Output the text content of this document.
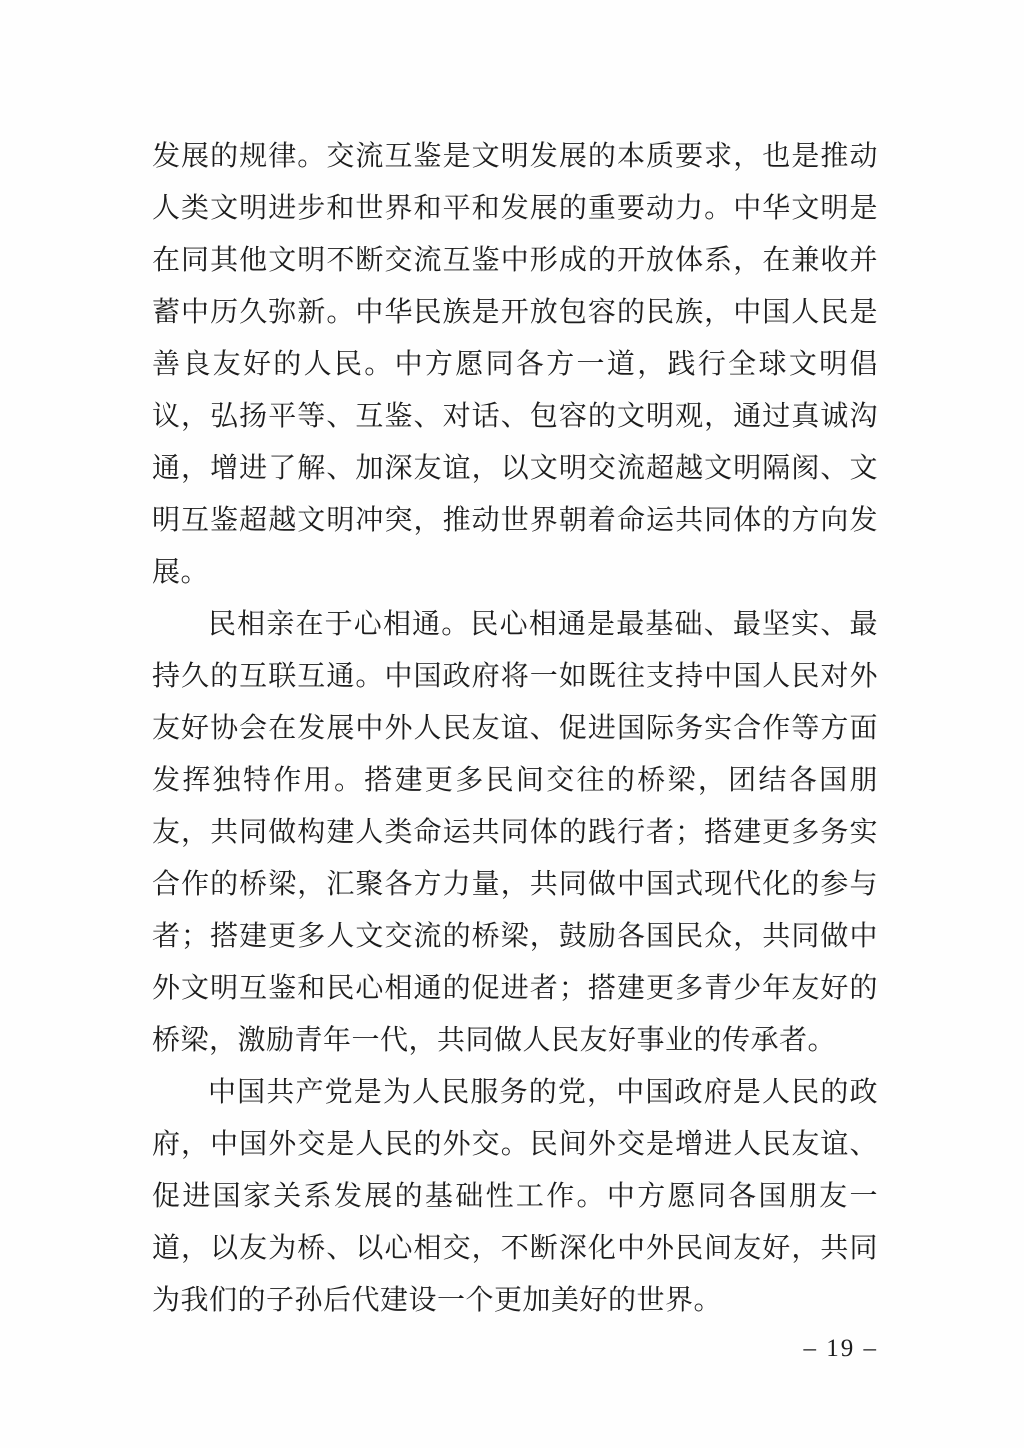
发展的规律。交流互鉴是文明发展的本质要求，也是推动人类文明进步和世界和平和发展的重要动力。中华文明是在同其他文明不断交流互鉴中形成的开放体系，在兼收并蓄中历久弥新。中华民族是开放包容的民族，中国人民是善良友好的人民。中方愿同各方一道，践行全球文明倡议，弘扬平等、互鉴、对话、包容的文明观，通过真诚沟通，增进了解、加深友谊，以文明交流超越文明隔阂、文明互鉴超越文明冲突，推动世界朝着命运共同体的方向发展。

民相亲在于心相通。民心相通是最基础、最坚实、最持久的互联互通。中国政府将一如既往支持中国人民对外友好协会在发展中外人民友谊、促进国际务实合作等方面发挥独特作用。搭建更多民间交往的桥梁，团结各国朋友，共同做构建人类命运共同体的践行者；搭建更多务实合作的桥梁，汇聚各方力量，共同做中国式现代化的参与者；搭建更多人文交流的桥梁，鼓励各国民众，共同做中外文明互鉴和民心相通的促进者；搭建更多青少年友好的桥梁，激励青年一代，共同做人民友好事业的传承者。

中国共产党是为人民服务的党，中国政府是人民的政府，中国外交是人民的外交。民间外交是增进人民友谊、促进国家关系发展的基础性工作。中方愿同各国朋友一道，以友为桥、以心相交，不断深化中外民间友好，共同为我们的子孙后代建设一个更加美好的世界。

– 19 –
